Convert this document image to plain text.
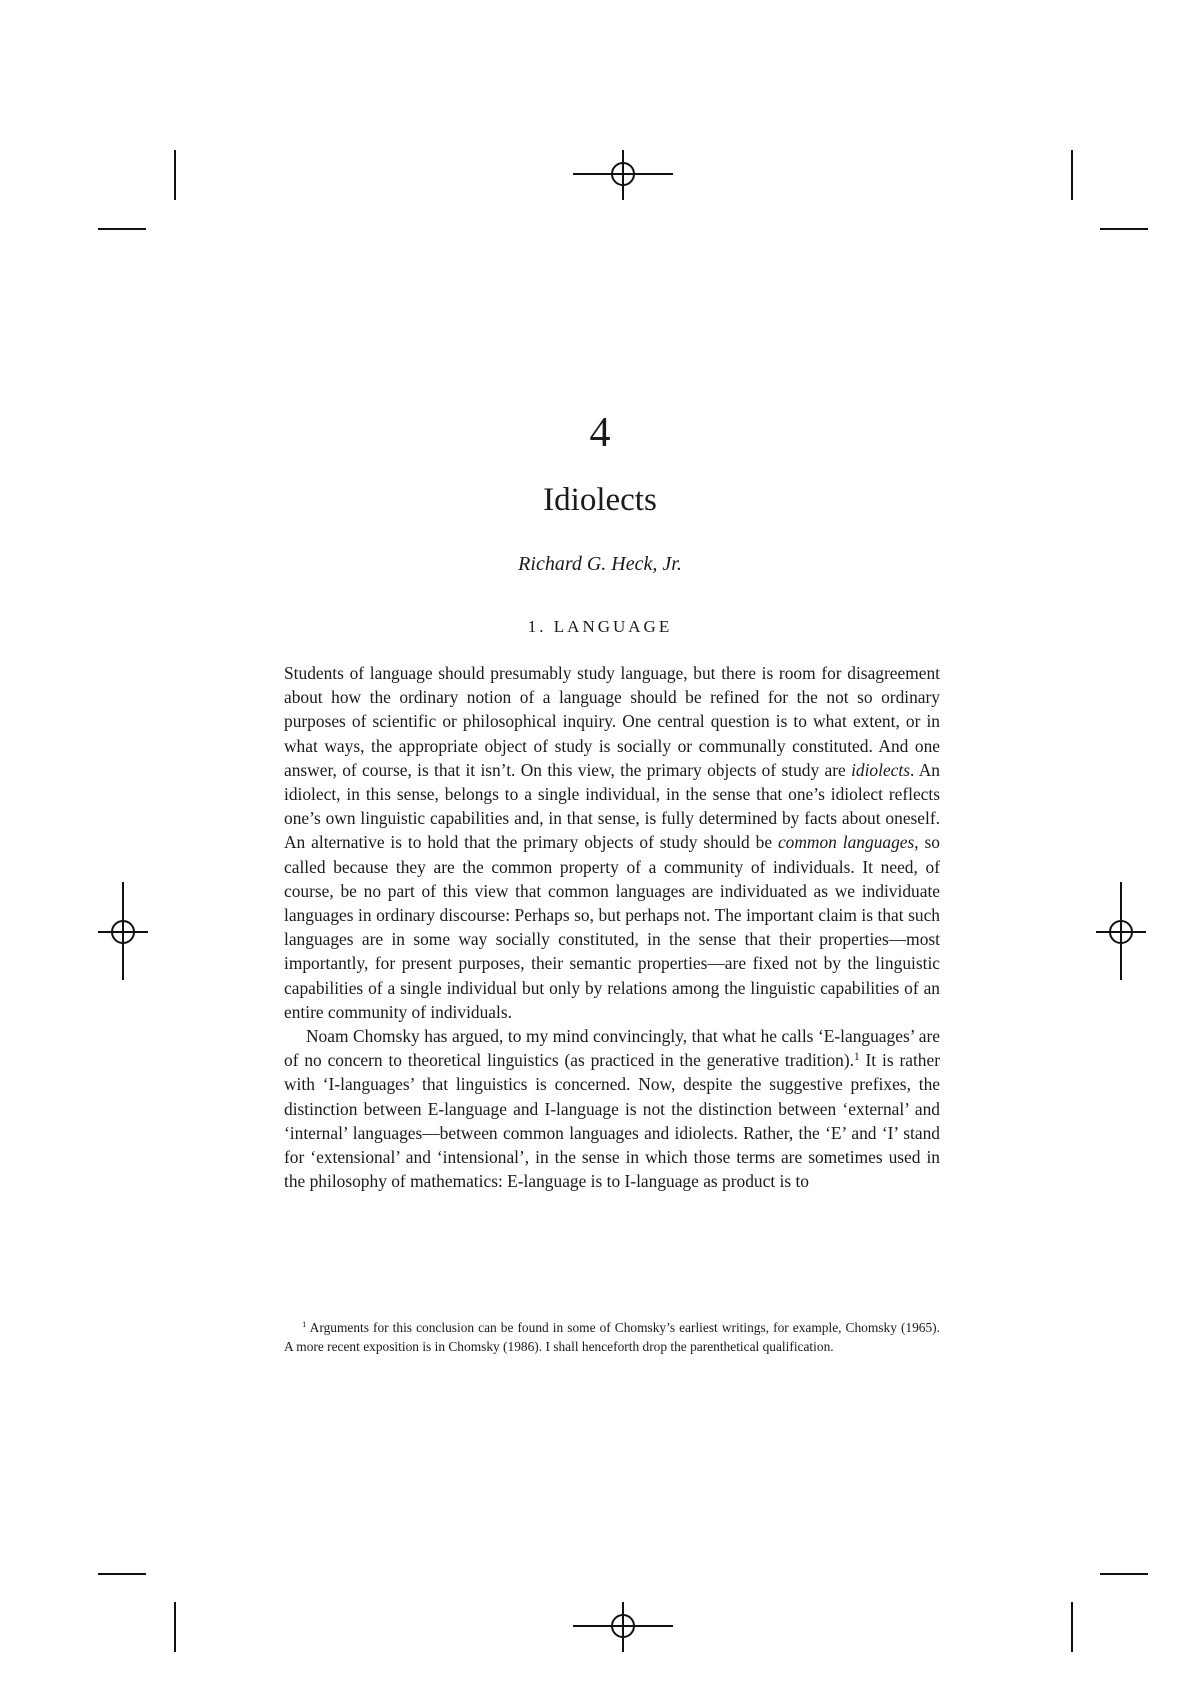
4
Idiolects
Richard G. Heck, Jr.
1. LANGUAGE

Students of language should presumably study language, but there is room for disagreement about how the ordinary notion of a language should be refined for the not so ordinary purposes of scientific or philosophical inquiry. One central question is to what extent, or in what ways, the appropriate object of study is socially or communally constituted. And one answer, of course, is that it isn’t. On this view, the primary objects of study are idiolects. An idiolect, in this sense, belongs to a single individual, in the sense that one’s idiolect reflects one’s own linguistic capabilities and, in that sense, is fully determined by facts about oneself. An alternative is to hold that the primary objects of study should be common languages, so called because they are the common property of a community of individuals. It need, of course, be no part of this view that common languages are individuated as we individuate languages in ordinary discourse: Perhaps so, but perhaps not. The important claim is that such languages are in some way socially constituted, in the sense that their properties—most importantly, for present purposes, their semantic properties—are fixed not by the linguistic capabilities of a single individual but only by relations among the linguistic capabilities of an entire community of individuals.

Noam Chomsky has argued, to my mind convincingly, that what he calls ‘E-languages’ are of no concern to theoretical linguistics (as practiced in the generative tradition).$^1$ It is rather with ‘I-languages’ that linguistics is concerned. Now, despite the suggestive prefixes, the distinction between E-language and I-language is not the distinction between ‘external’ and ‘internal’ languages—between common languages and idiolects. Rather, the ‘E’ and ‘I’ stand for ‘extensional’ and ‘intensional’, in the sense in which those terms are sometimes used in the philosophy of mathematics: E-language is to I-language as product is to

$^1$ Arguments for this conclusion can be found in some of Chomsky’s earliest writings, for example, Chomsky (1965). A more recent exposition is in Chomsky (1986). I shall henceforth drop the parenthetical qualification.
